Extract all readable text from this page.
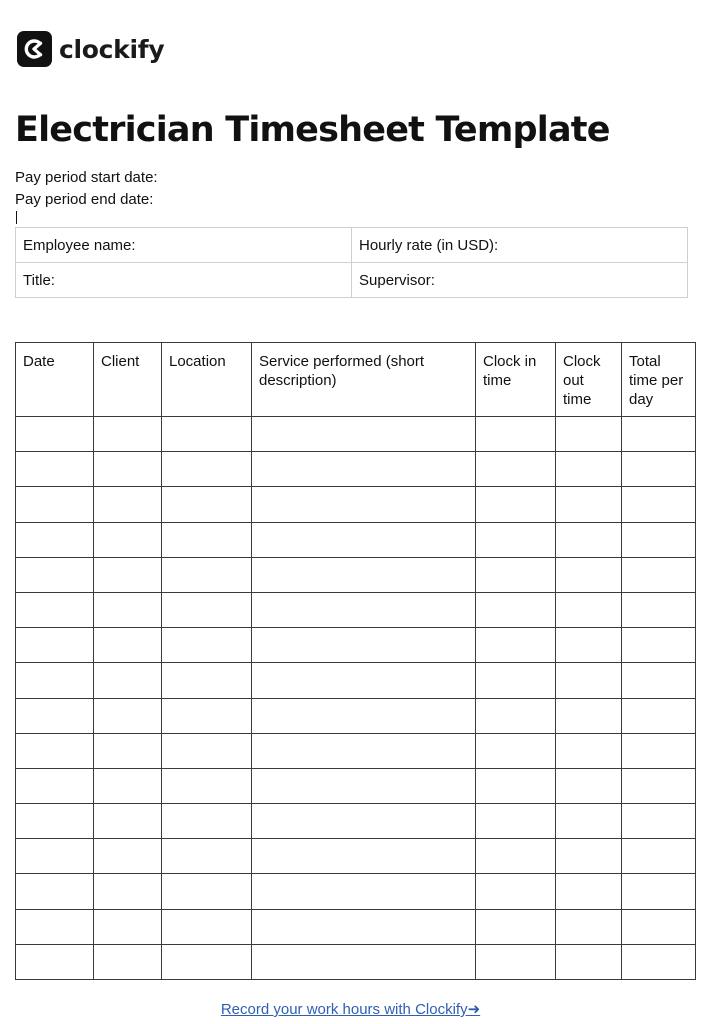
clockify
Electrician Timesheet Template
Pay period start date:
Pay period end date:
Employee name:	Hourly rate (in USD):
Title:	Supervisor:
Date	Client	Location	Service performed (short description)	Clock in time	Clock out time	Total time per day

Record your work hours with Clockify➜
